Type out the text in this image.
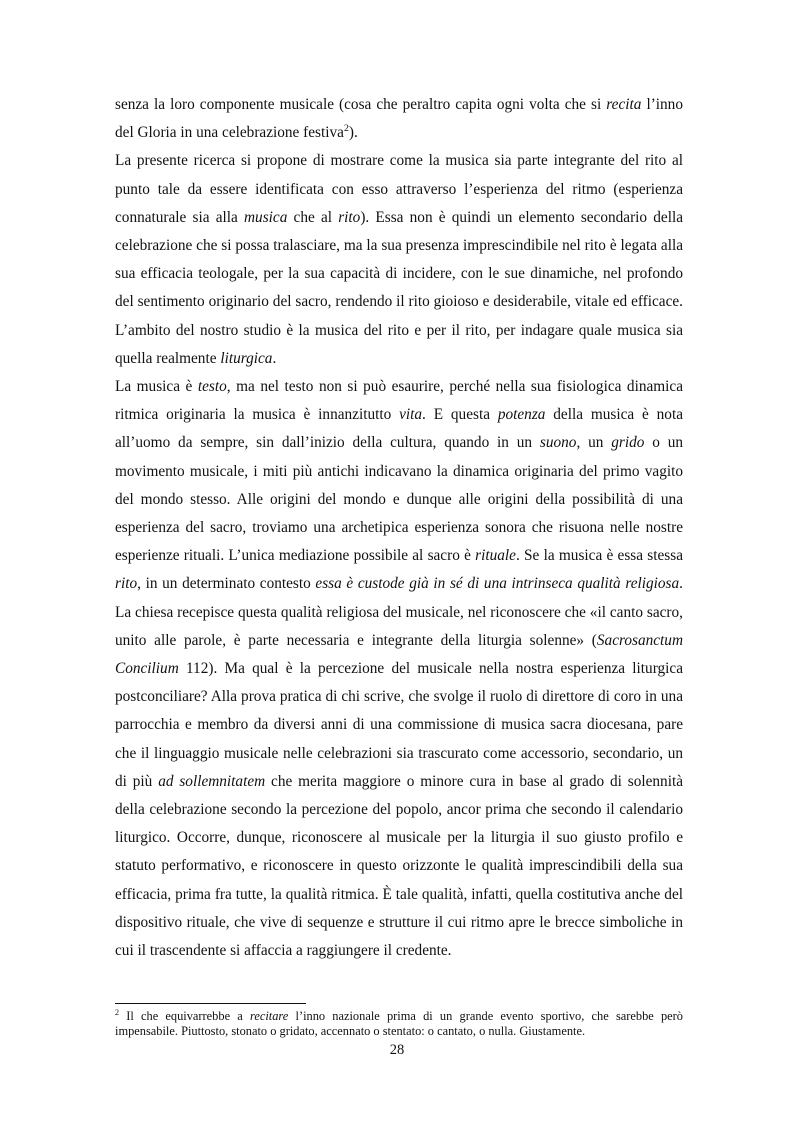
senza la loro componente musicale (cosa che peraltro capita ogni volta che si recita l’inno del Gloria in una celebrazione festiva$^2$).

La presente ricerca si propone di mostrare come la musica sia parte integrante del rito al punto tale da essere identificata con esso attraverso l’esperienza del ritmo (esperienza connaturale sia alla musica che al rito). Essa non è quindi un elemento secondario della celebrazione che si possa tralasciare, ma la sua presenza imprescindibile nel rito è legata alla sua efficacia teologale, per la sua capacità di incidere, con le sue dinamiche, nel profondo del sentimento originario del sacro, rendendo il rito gioioso e desiderabile, vitale ed efficace. L’ambito del nostro studio è la musica del rito e per il rito, per indagare quale musica sia quella realmente liturgica.

La musica è testo, ma nel testo non si può esaurire, perché nella sua fisiologica dinamica ritmica originaria la musica è innanzitutto vita. E questa potenza della musica è nota all’uomo da sempre, sin dall’inizio della cultura, quando in un suono, un grido o un movimento musicale, i miti più antichi indicavano la dinamica originaria del primo vagito del mondo stesso. Alle origini del mondo e dunque alle origini della possibilità di una esperienza del sacro, troviamo una archetipica esperienza sonora che risuona nelle nostre esperienze rituali. L’unica mediazione possibile al sacro è rituale. Se la musica è essa stessa rito, in un determinato contesto essa è custode già in sé di una intrinseca qualità religiosa. La chiesa recepisce questa qualità religiosa del musicale, nel riconoscere che «il canto sacro, unito alle parole, è parte necessaria e integrante della liturgia solenne» (Sacrosanctum Concilium 112). Ma qual è la percezione del musicale nella nostra esperienza liturgica postconciliare? Alla prova pratica di chi scrive, che svolge il ruolo di direttore di coro in una parrocchia e membro da diversi anni di una commissione di musica sacra diocesana, pare che il linguaggio musicale nelle celebrazioni sia trascurato come accessorio, secondario, un di più ad sollemnitatem che merita maggiore o minore cura in base al grado di solennità della celebrazione secondo la percezione del popolo, ancor prima che secondo il calendario liturgico. Occorre, dunque, riconoscere al musicale per la liturgia il suo giusto profilo e statuto performativo, e riconoscere in questo orizzonte le qualità imprescindibili della sua efficacia, prima fra tutte, la qualità ritmica. È tale qualità, infatti, quella costitutiva anche del dispositivo rituale, che vive di sequenze e strutture il cui ritmo apre le brecce simboliche in cui il trascendente si affaccia a raggiungere il credente.

$^2$ Il che equivarrebbe a recitare l’inno nazionale prima di un grande evento sportivo, che sarebbe però impensabile. Piuttosto, stonato o gridato, accennato o stentato: o cantato, o nulla. Giustamente.
28
